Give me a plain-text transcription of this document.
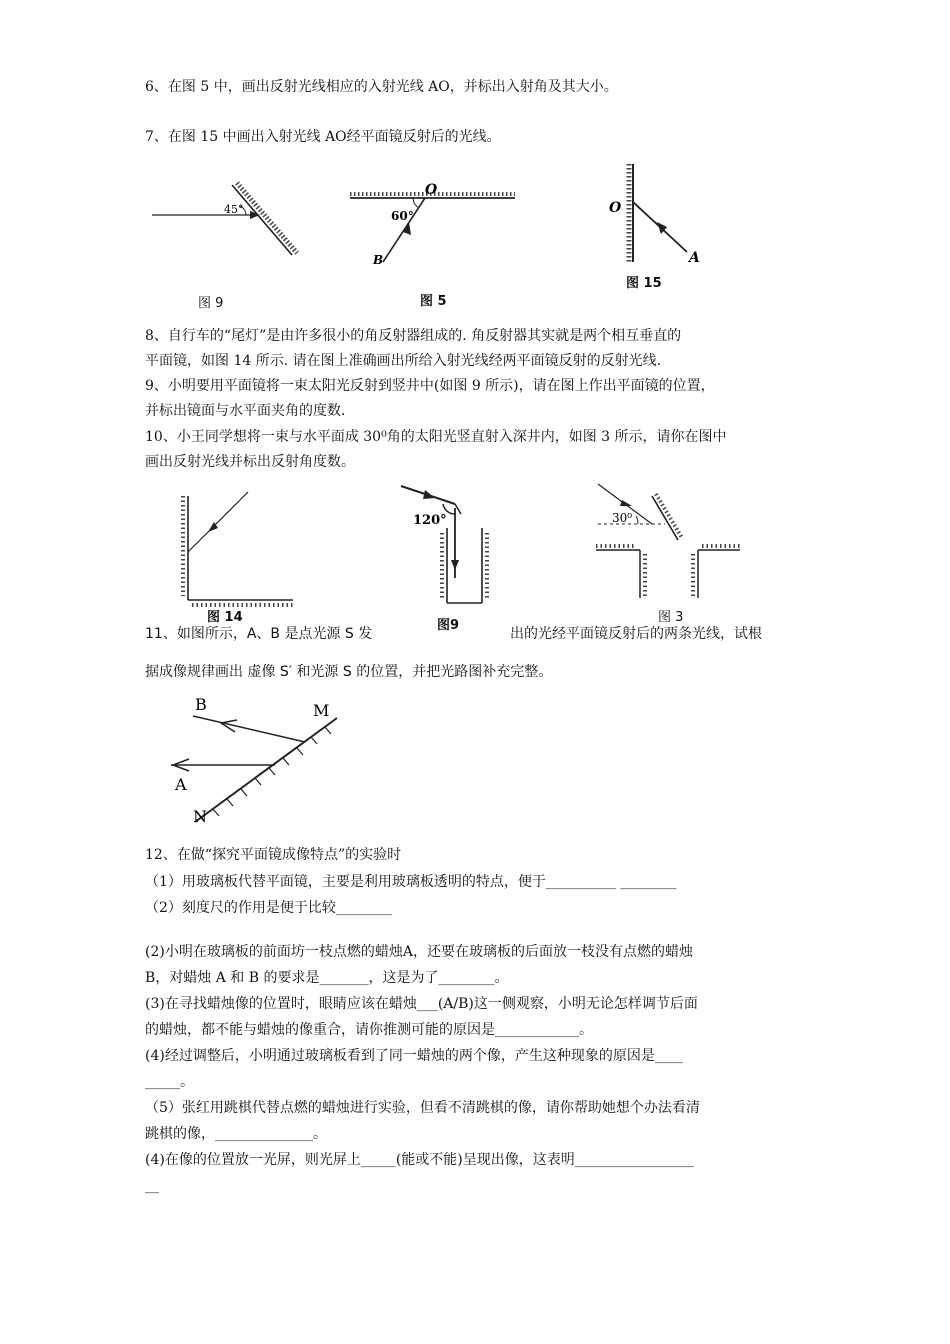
6、在图 5 中，画出反射光线相应的入射光线 AO，并标出入射角及其大小。
7、在图 15 中画出入射光线 AO经平面镜反射后的光线。
45°
图 9
60°
O
B
图 5
O
A
图 15
8、自行车的“尾灯”是由许多很小的角反射器组成的. 角反射器其实就是两个相互垂直的
平面镜，如图 14 所示. 请在图上准确画出所给入射光线经两平面镜反射的反射光线.
9、小明要用平面镜将一束太阳光反射到竖井中(如图 9 所示)，请在图上作出平面镜的位置，
并标出镜面与水平面夹角的度数.
10、小王同学想将一束与水平面成 30⁰角的太阳光竖直射入深井内，如图 3 所示，请你在图中
画出反射光线并标出反射角度数。
图 14
120°
图9
30⁰
图 3
11、如图所示，A、B 是点光源 S 发	出的光经平面镜反射后的两条光线，试根
据成像规律画出 虚像 S′ 和光源 S 的位置，并把光路图补充完整。
B	M
A
N
12、在做“探究平面镜成像特点”的实验时
（1）用玻璃板代替平面镜，主要是利用玻璃板透明的特点，便于__________ ________
（2）刻度尺的作用是便于比较________
(2)小明在玻璃板的前面坊一枝点燃的蜡烛A，还要在玻璃板的后面放一枝没有点燃的蜡烛
B，对蜡烛 A 和 B 的要求是_______，这是为了________。
(3)在寻找蜡烛像的位置时，眼睛应该在蜡烛___(A/B)这一侧观察，小明无论怎样调节后面
的蜡烛，都不能与蜡烛的像重合，请你推测可能的原因是____________。
(4)经过调整后，小明通过玻璃板看到了同一蜡烛的两个像，产生这种现象的原因是____
_____。
（5）张红用跳棋代替点燃的蜡烛进行实验，但看不清跳棋的像，请你帮助她想个办法看清
跳棋的像，______________。
(4)在像的位置放一光屏，则光屏上_____(能或不能)呈现出像，这表明_________________
__
